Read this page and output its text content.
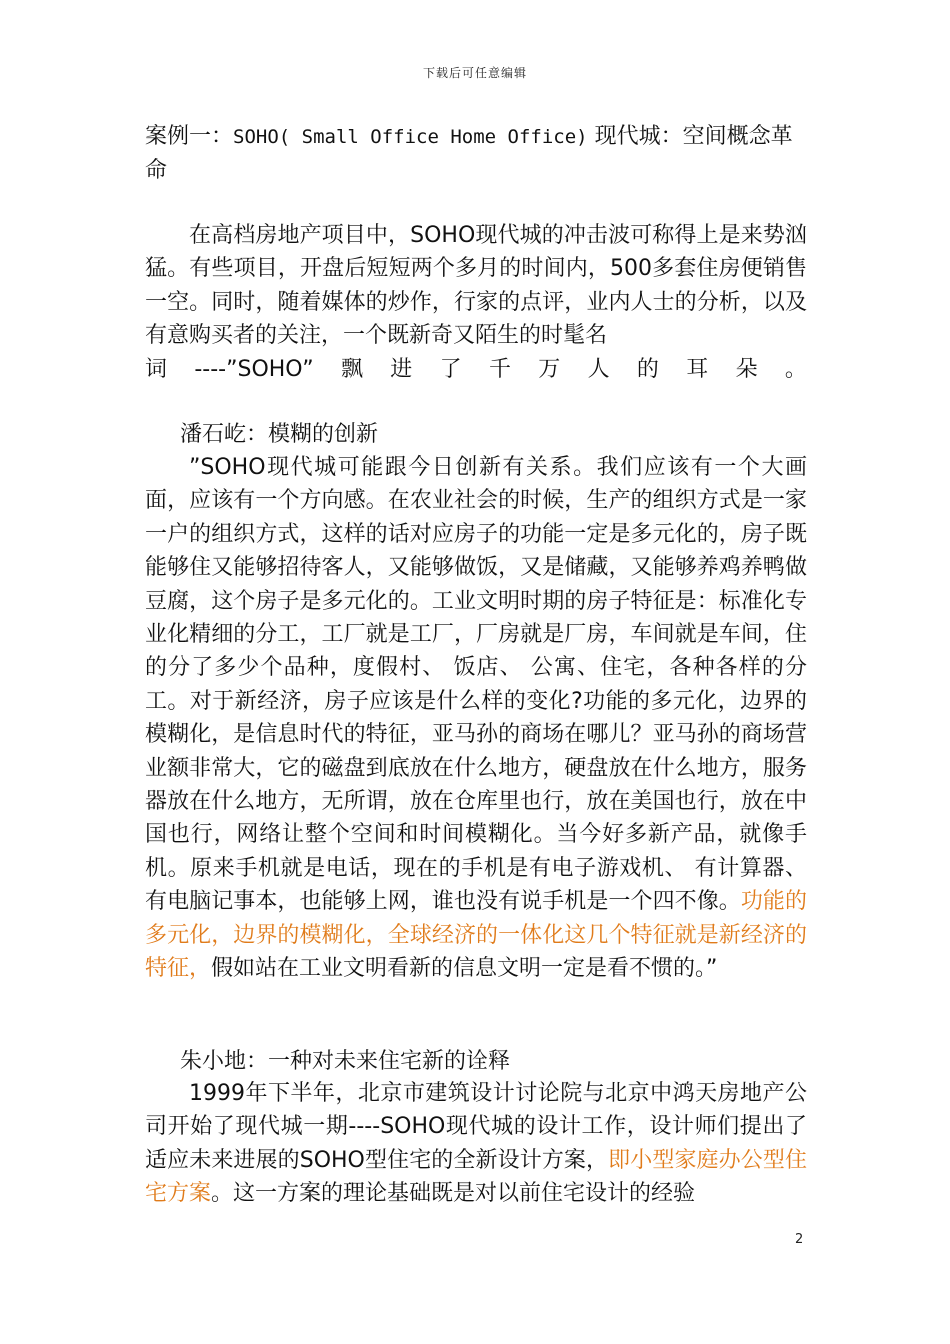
下载后可任意编辑
案例一：SOHO( Small Office Home Office) 现代城：空间概念革命
在高档房地产项目中，SOHO现代城的冲击波可称得上是来势汹猛。有些项目，开盘后短短两个多月的时间内，500多套住房便销售一空。同时，随着媒体的炒作，行家的点评，业内人士的分析，以及有意购买者的关注，一个既新奇又陌生的时髦名
词 ----”SOHO” 飘 进 了 千 万 人 的 耳 朵 。
潘石屹：模糊的创新
”SOHO现代城可能跟今日创新有关系。我们应该有一个大画面，应该有一个方向感。在农业社会的时候，生产的组织方式是一家一户的组织方式，这样的话对应房子的功能一定是多元化的，房子既能够住又能够招待客人，又能够做饭，又是储藏，又能够养鸡养鸭做豆腐，这个房子是多元化的。工业文明时期的房子特征是：标准化专业化精细的分工，工厂就是工厂，厂房就是厂房，车间就是车间，住的分了多少个品种，度假村、 饭店、 公寓、住宅，各种各样的分工。对于新经济，房子应该是什么样的变化?功能的多元化，边界的模糊化，是信息时代的特征，亚马孙的商场在哪儿？亚马孙的商场营业额非常大，它的磁盘到底放在什么地方，硬盘放在什么地方，服务器放在什么地方，无所谓，放在仓库里也行，放在美国也行，放在中国也行，网络让整个空间和时间模糊化。当今好多新产品，就像手机。原来手机就是电话，现在的手机是有电子游戏机、 有计算器、 有电脑记事本，也能够上网，谁也没有说手机是一个四不像。功能的多元化，边界的模糊化，全球经济的一体化这几个特征就是新经济的特征，假如站在工业文明看新的信息文明一定是看不惯的。”
朱小地：一种对未来住宅新的诠释
1999年下半年，北京市建筑设计讨论院与北京中鸿天房地产公司开始了现代城一期----SOHO现代城的设计工作，设计师们提出了适应未来进展的SOHO型住宅的全新设计方案，即小型家庭办公型住宅方案。这一方案的理论基础既是对以前住宅设计的经验
2
